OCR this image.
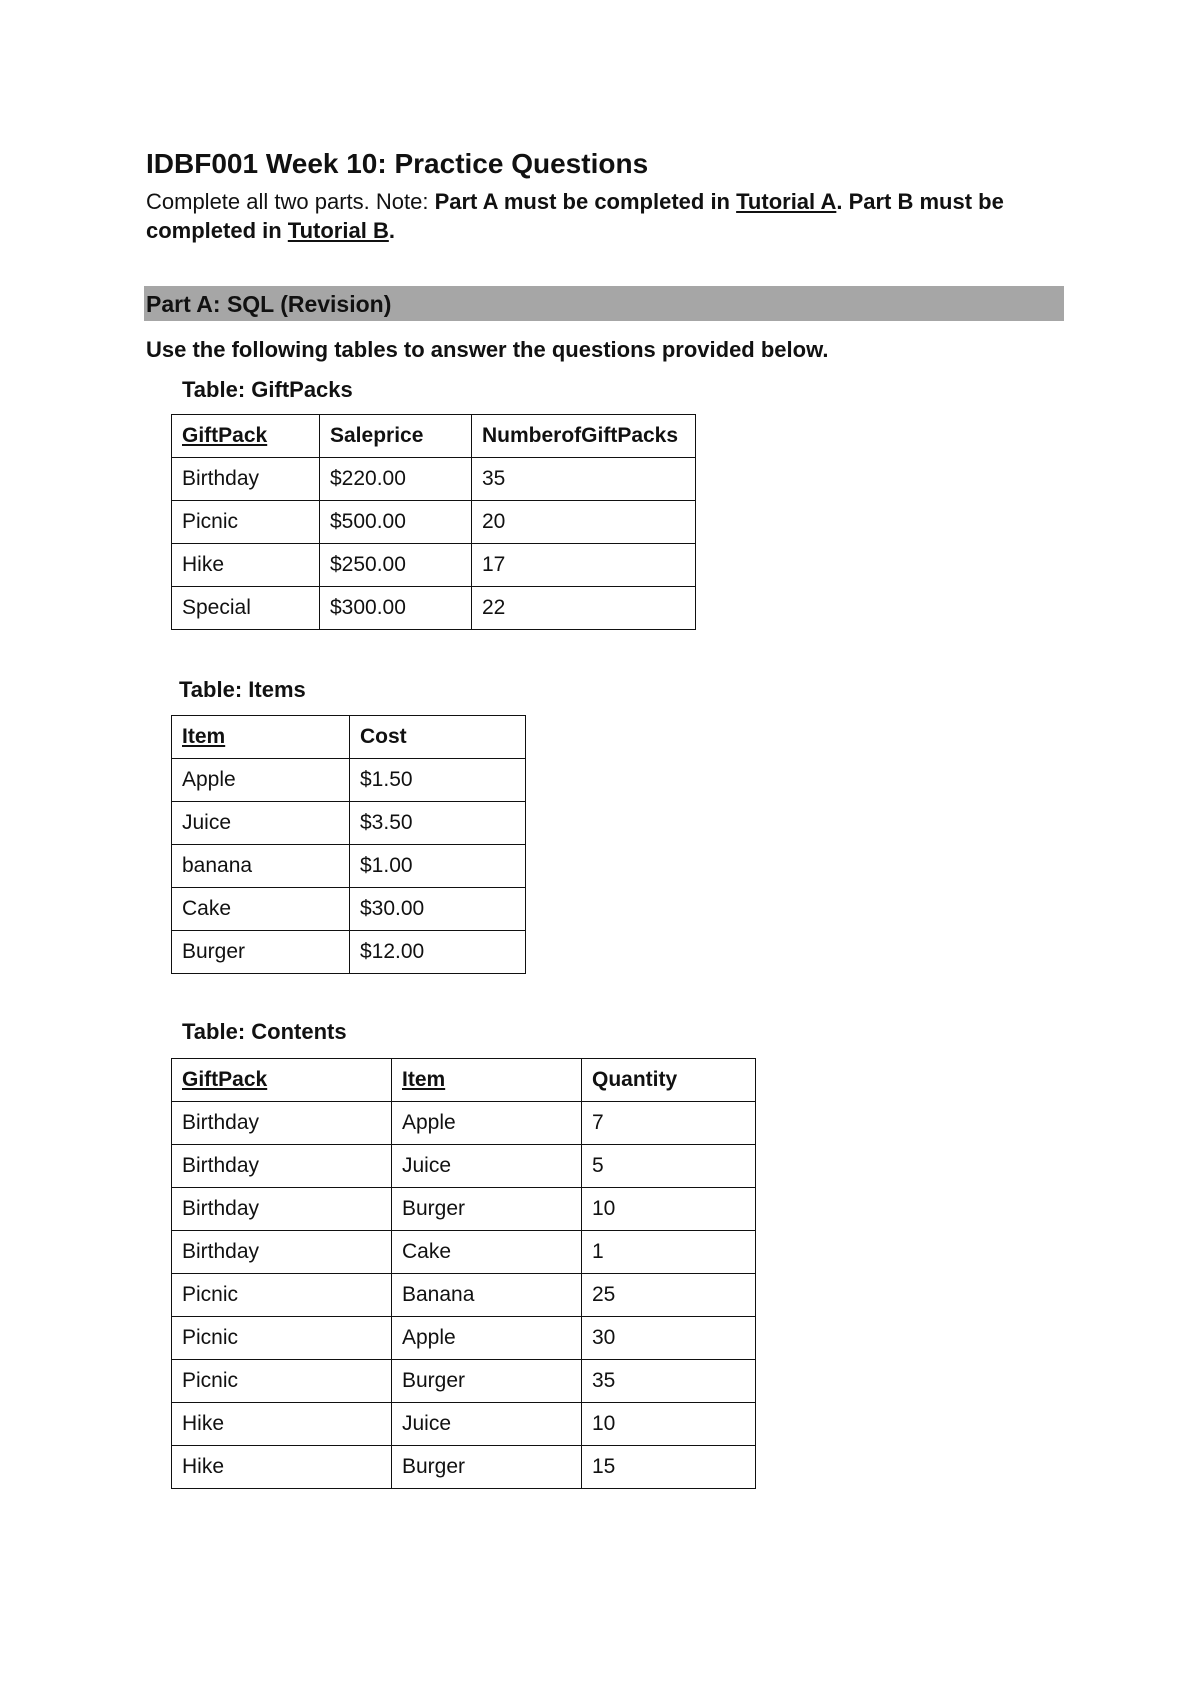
IDBF001 Week 10: Practice Questions
Complete all two parts. Note: Part A must be completed in Tutorial A. Part B must be completed in Tutorial B.
Part A: SQL (Revision)
Use the following tables to answer the questions provided below.
Table: GiftPacks
GiftPack	Saleprice	NumberofGiftPacks
Birthday	$220.00	35
Picnic	$500.00	20
Hike	$250.00	17
Special	$300.00	22
Table: Items
Item	Cost
Apple	$1.50
Juice	$3.50
banana	$1.00
Cake	$30.00
Burger	$12.00
Table: Contents
GiftPack	Item	Quantity
Birthday	Apple	7
Birthday	Juice	5
Birthday	Burger	10
Birthday	Cake	1
Picnic	Banana	25
Picnic	Apple	30
Picnic	Burger	35
Hike	Juice	10
Hike	Burger	15
